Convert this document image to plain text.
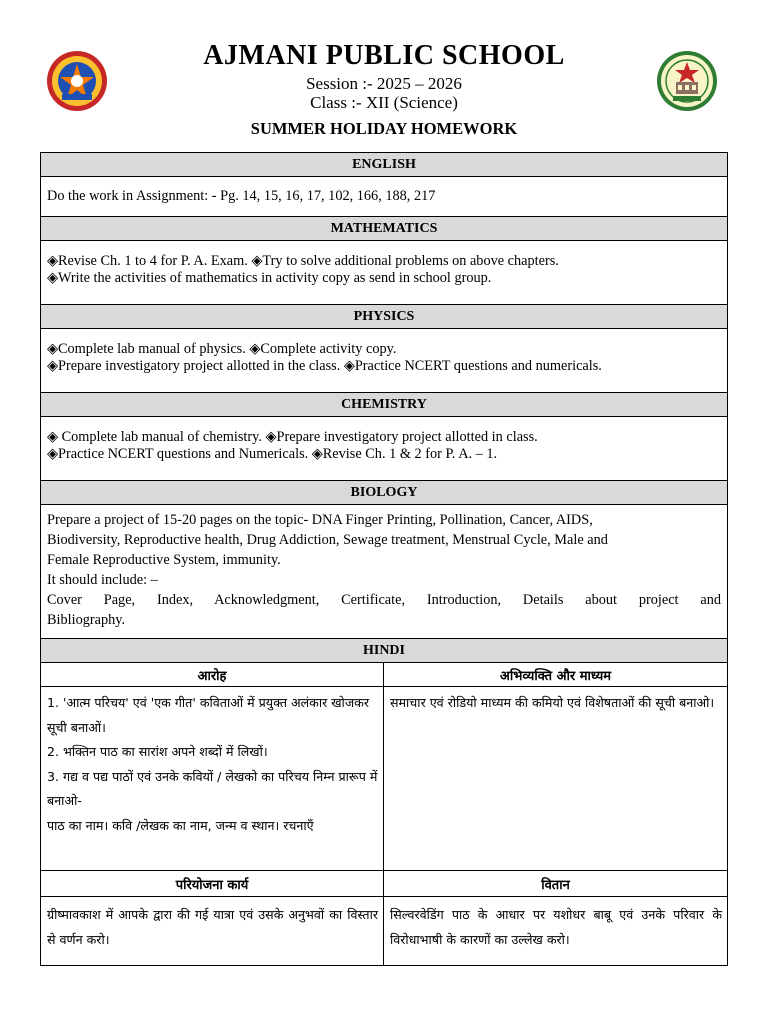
AJMANI PUBLIC SCHOOL
Session :- 2025 – 2026
Class :- XII (Science)
SUMMER HOLIDAY HOMEWORK
ENGLISH
Do the work in Assignment: - Pg. 14, 15, 16, 17, 102, 166, 188, 217
MATHEMATICS
◈Revise Ch. 1 to 4 for P. A. Exam. ◈Try to solve additional problems on above chapters.
◈Write the activities of mathematics in activity copy as send in school group.
PHYSICS
◈Complete lab manual of physics. ◈Complete activity copy.
◈Prepare investigatory project allotted in the class. ◈Practice NCERT questions and numericals.
CHEMISTRY
◈ Complete lab manual of chemistry. ◈Prepare investigatory project allotted in class.
◈Practice NCERT questions and Numericals. ◈Revise Ch. 1 & 2 for P. A. – 1.
BIOLOGY
Prepare a project of 15-20 pages on the topic- DNA Finger Printing, Pollination, Cancer, AIDS,
Biodiversity, Reproductive health, Drug Addiction, Sewage treatment, Menstrual Cycle, Male and
Female Reproductive System, immunity.
It should include: –
Cover Page, Index, Acknowledgment, Certificate, Introduction, Details about project and
Bibliography.
HINDI
आरोह	अभिव्यक्ति और माध्यम
1. 'आत्म परिचय' एवं 'एक गीत' कविताओं में प्रयुक्त अलंकार खोजकर सूची बनाओं।
2. भक्तिन पाठ का सारांश अपने शब्दों में लिखों।
3. गद्य व पद्य पाठों एवं उनके कवियों / लेखको का परिचय निम्न प्रारूप में बनाओ-
पाठ का नाम। कवि /लेखक का नाम, जन्म व स्थान। रचनाएँ
समाचार एवं रोडियो माध्यम की कमियो एवं विशेषताओं की सूची बनाओ।
परियोजना कार्य	वितान
ग्रीष्मावकाश में आपके द्वारा की गई यात्रा एवं उसके अनुभवों का विस्तार से वर्णन करो।
सिल्वरवेडिंग पाठ के आधार पर यशोधर बाबू एवं उनके परिवार के विरोधाभाषी के कारणों का उल्लेख करो।
